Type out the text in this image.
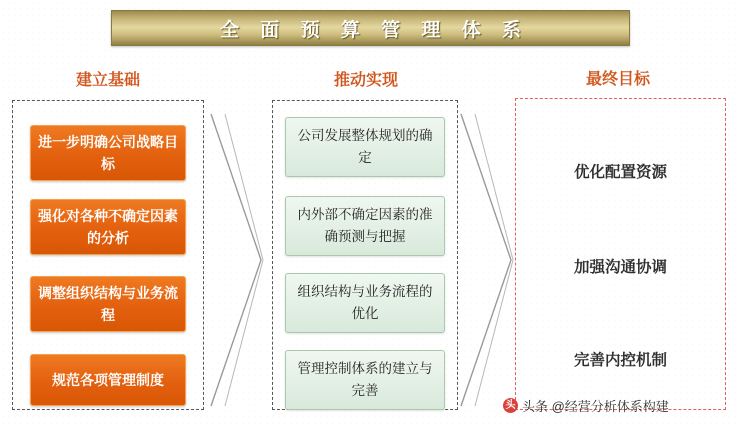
全 面 预 算 管 理 体 系
建立基础	推动实现	最终目标
进一步明确公司战略目标
强化对各种不确定因素的分析
调整组织结构与业务流程
规范各项管理制度
公司发展整体规划的确定
内外部不确定因素的准确预测与把握
组织结构与业务流程的优化
管理控制体系的建立与完善
优化配置资源
加强沟通协调
完善内控机制
头 头条 @经营分析体系构建
